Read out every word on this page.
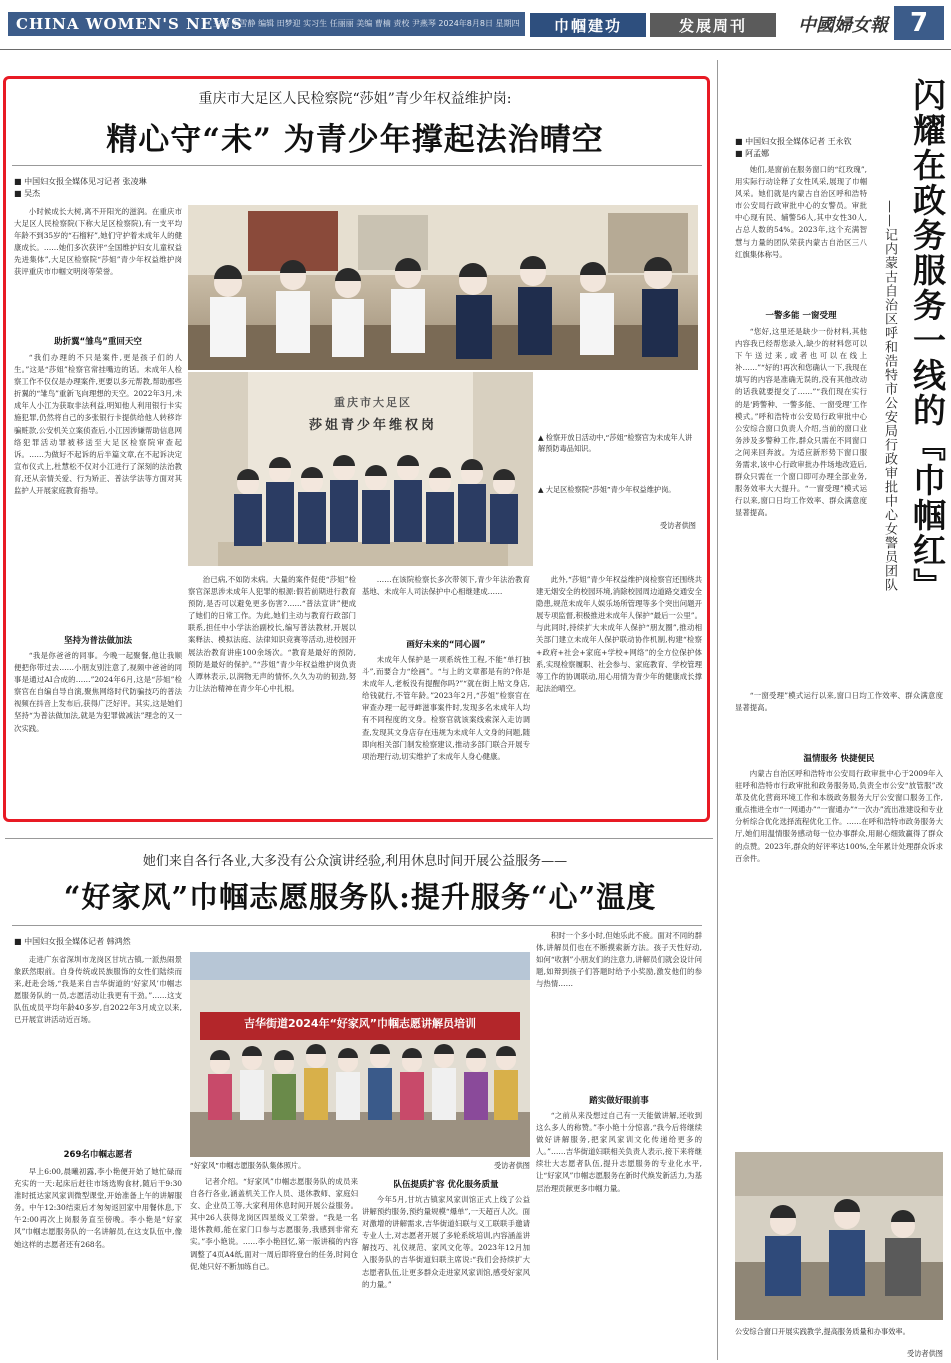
CHINA WOMEN'S NEWS
主编 李雪静 编辑 田梦迎 实习生 任丽丽 美编 曹楠 责校 尹燕琴 2024年8月8日 星期四	巾帼建功	发展周刊	中國婦女報 7
重庆市大足区人民检察院“莎姐”青少年权益维护岗:
精心守“未” 为青少年撑起法治晴空
■ 中国妇女报全媒体见习记者 张凌琳
■ 吴杰

小时候成长大树,离不开阳光的滋润。在重庆市大足区人民检察院(下称大足区检察院),有一支平均年龄不到35岁的“石榴籽”,她们守护着未成年人的健康成长。……她们多次获评“全国维护妇女儿童权益先进集体”,大足区检察院“莎姐”青少年权益维护岗获评重庆市巾帼文明岗等荣誉。

助折翼“雏鸟”重回天空

“我们办理的不只是案件,更是孩子们的人生。”这是“莎姐”检察官常挂嘴边的话。未成年人检察工作不仅仅是办理案件,更要以多元帮教,帮助那些折翼的“雏鸟”重新飞向理想的天空。2022年3月,未成年人小江为获取非法利益,明知他人利用银行卡实施犯罪,仍然将自己的多张银行卡提供给他人转移诈骗赃款,公安机关立案侦查后,小江因涉嫌帮助信息网络犯罪活动罪被移送至大足区检察院审查起诉。……为做好不起诉的后半篇文章,在不起诉决定宣布仪式上,杜慧松不仅对小江进行了深刻的法治教育,还从亲情关爱、行为矫正、普法学法等方面对其监护人开展家庭教育指导。

坚持为普法做加法

“我是你爸爸的同事。今晚一起聚餐,他让我顺便把你带过去……小朋友别注意了,视频中爸爸的同事是通过AI合成的……”2024年6月,这是“莎姐”检察官在自编自导自演,聚焦网络时代防骗技巧的普法视频在抖音上发布后,获得广泛好评。其实,这是她们坚持“为普法做加法,就是为犯罪做减法”理念的又一次实践。

重庆市大足区
莎姐青少年维权岗
▲ 检察开放日活动中,“莎姐”检察官为未成年人讲解预防毒品知识。
▲ 大足区检察院“莎姐”青少年权益维护岗。
受访者供图

治已病,不如防未病。大量的案件促使“莎姐”检察官深思涉未成年人犯罪的根源:假若前期进行教育预防,是否可以避免更多伤害?……“普法宣讲”便成了她们的日常工作。为此,她们主动与教育行政部门联系,担任中小学法治副校长,编写普法教材,开展以案释法、模拟法庭、法律知识竞赛等活动,进校园开展法治教育讲座100余场次。“教育是最好的预防,预防是最好的保护。”“莎姐”青少年权益维护岗负责人谭林表示,以润物无声的情怀,久久为功的韧劲,努力让法治精神在青少年心中扎根。

……在该院检察长多次带领下,青少年法治教育基地、未成年人司法保护中心相继建成……

画好未来的“同心圆”

未成年人保护是一项系统性工程,不能“单打独斗”,而要合力“绘画”。“与上的文章都是有的?你是未成年人,老板没有提醒你吗?”“就在街上贴文身店,给钱就行,不管年龄。”2023年2月,“莎姐”检察官在审查办理一起寻衅滋事案件时,发现多名未成年人均有不同程度的文身。检察官就该案线索深入走访调查,发现其文身店存在违规为未成年人文身的问题,随即向相关部门制发检察建议,推动多部门联合开展专项治理行动,切实维护了未成年人身心健康。

此外,“莎姐”青少年权益维护岗检察官还围绕共建无烟安全的校园环境,消除校园周边道路交通安全隐患,规范未成年人娱乐场所管理等多个突出问题开展专项监督,积极推进未成年人保护“最后一公里”。与此同时,持续扩大未成年人保护“朋友圈”,推动相关部门建立未成年人保护联动协作机制,构建“检察+政府+社会+家庭+学校+网络”的全方位保护体系,实现检察履职、社会参与、家庭教育、学校管理等工作的协调联动,用心用情为青少年的健康成长撑起法治晴空。

■ 中国妇女报全媒体记者 王永钦
■ 阿孟娜	闪耀在政务服务一线的『巾帼红』
——记内蒙古自治区呼和浩特市公安局行政审批中心女警员团队

她们,是窗前在服务窗口的“红玫瑰”,用实际行动诠释了女性风采,展现了巾帼风采。她们就是内蒙古自治区呼和浩特市公安局行政审批中心的女警员。审批中心现有民、辅警56人,其中女性30人,占总人数的54%。2023年,这个充满智慧与力量的团队荣获内蒙古自治区三八红旗集体称号。

一警多能 一窗受理

“您好,这里还是缺少一份材料,其他内容我已经帮您录入,缺少的材料您可以下午送过来,或者也可以在线上补……”“好的!再次和您确认一下,我现在填写的内容是准确无误的,没有其他改动的话我就要提交了……”“我们现在实行的是‘跨警种、一警多能、一窗受理’工作模式。”呼和浩特市公安局行政审批中心公安综合窗口负责人介绍,当前的窗口业务涉及多警种工作,群众只需在不同窗口之间来回奔波。为适应新形势下窗口服务需求,该中心行政审批办件场地改造后,群众只需在一个窗口即可办理全部业务,服务效率大大提升。“一窗受理”模式运行以来,窗口日均工作效率、群众满意度显著提高。

“一窗受理”模式运行以来,窗口日均工作效率、群众满意度显著提高。

温情服务 快捷便民

内蒙古自治区呼和浩特市公安局行政审批中心于2009年入驻呼和浩特市行政审批和政务服务局,负责全市公安“放管服”改革及优化营商环境工作和本级政务服务大厅公安窗口服务工作,重点推进全市“一网通办”“一窗通办”“一次办”流出准建设和专业分析综合优化选择流程优化工作。……在呼和浩特市政务服务大厅,她们用温情服务感动每一位办事群众,用耐心细致赢得了群众的点赞。2023年,群众的好评率达100%,全年累计处理群众诉求百余件。

公安综合窗口开展实践教学,提高服务质量和办事效率。
受访者供图
她们来自各行各业,大多没有公众演讲经验,利用休息时间开展公益服务——
“好家风”巾帼志愿服务队:提升服务“心”温度
■ 中国妇女报全媒体记者 韩鸿然

走进广东省深圳市龙岗区甘坑古镇,一派热闹景象跃然眼前。自身传统或民族服饰的女性们陆续而来,赶赴会场,“我是来自吉华街道的‘好家风’巾帼志愿服务队的一员,志愿活动让我更有干劲。”……这支队伍成员平均年龄40多岁,自2022年3月成立以来,已开展宣讲活动近百场。

269名巾帼志愿者

早上6:00,晨曦初露,李小艳便开始了她忙碌而充实的一天:起床后赶往市场选购食材,随后干9:30准时抵达家风家训微型课堂,开始准备上午的讲解服务。中午12:30结束后才匆匆返回家中用餐休息,下午2:00再次上岗服务直至傍晚。李小艳是“好家风”巾帼志愿服务队的一名讲解员,在这支队伍中,像她这样的志愿者还有268名。

积时一个多小时,但她乐此不疲。面对不同的群体,讲解员们也在不断摸索新方法。孩子天性好动,如何“收割”小朋友们的注意力,讲解员们就会设计问题,如辩到孩子们答题时给予小奖励,激发他们的参与热情……

踏实做好眼前事

“之前从来没想过自己有一天能做讲解,还收到这么多人的称赞。”李小艳十分惊喜,“我今后将继续做好讲解服务,把家风家训文化传递给更多的人。”……吉华街道妇联相关负责人表示,接下来将继续壮大志愿者队伍,提升志愿服务的专业化水平,让“好家风”巾帼志愿服务在新时代焕发新活力,为基层治理贡献更多巾帼力量。

吉华街道2024年“好家风”巾帼志愿讲解员培训
“好家风”巾帼志愿服务队集体照片。	受访者供图

记者介绍。“好家风”巾帼志愿服务队的成员来自各行各业,涵盖机关工作人员、退休教师、家庭妇女、企业员工等,大家利用休息时间开展公益服务。其中26人获得龙岗区四星级义工荣誉。“我是一名退休教师,能在家门口参与志愿服务,我感到非常充实。”李小艳说。……李小艳回忆,第一版讲稿的内容调整了4页A4纸,面对一周后即将登台的任务,时间仓促,她只好不断加练自己。

队伍提质扩容 优化服务质量

今年5月,甘坑古镇家风家训馆正式上线了公益讲解预约服务,预约量规模“爆单”,一天超百人次。面对激增的讲解需求,吉华街道妇联与义工联联手邀请专业人士,对志愿者开展了多轮系统培训,内容涵盖讲解技巧、礼仪规范、家风文化等。2023年12月加入服务队的吉华街道妇联主席说:“我们会持续扩大志愿者队伍,让更多群众走进家风家训馆,感受好家风的力量。”
